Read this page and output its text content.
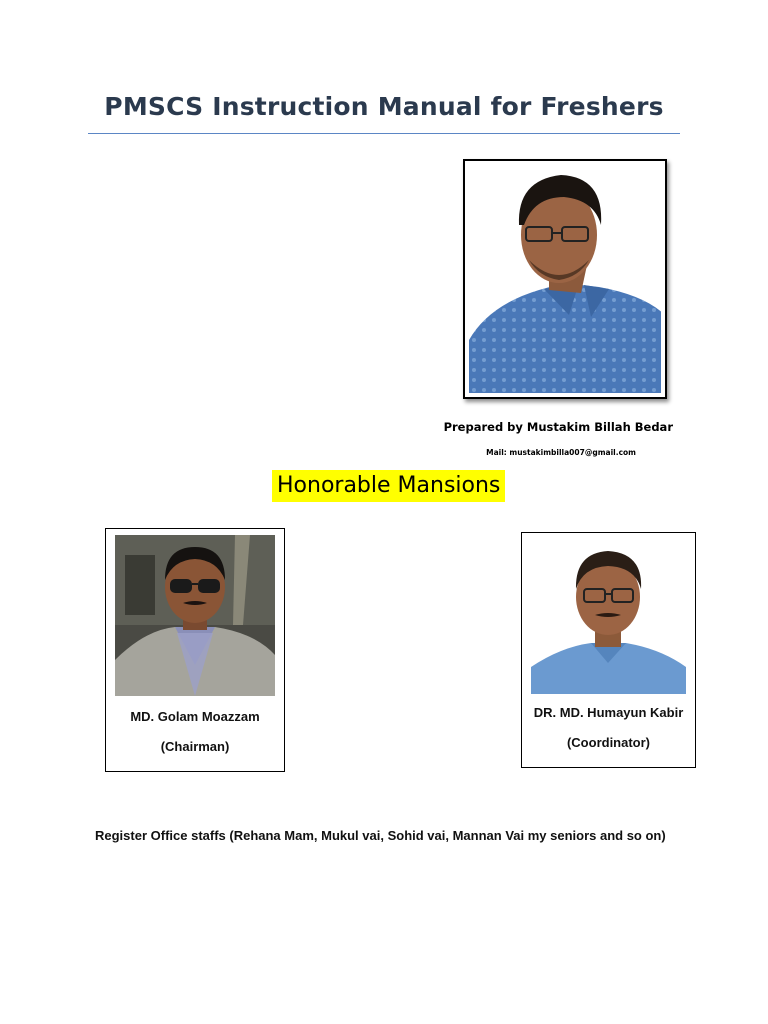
PMSCS Instruction Manual for Freshers
Prepared by Mustakim Billah Bedar
Mail: mustakimbilla007@gmail.com
Honorable Mansions
MD. Golam Moazzam
(Chairman)
DR. MD. Humayun Kabir
(Coordinator)
Register Office staffs (Rehana Mam, Mukul vai, Sohid vai, Mannan Vai my seniors and so on)
